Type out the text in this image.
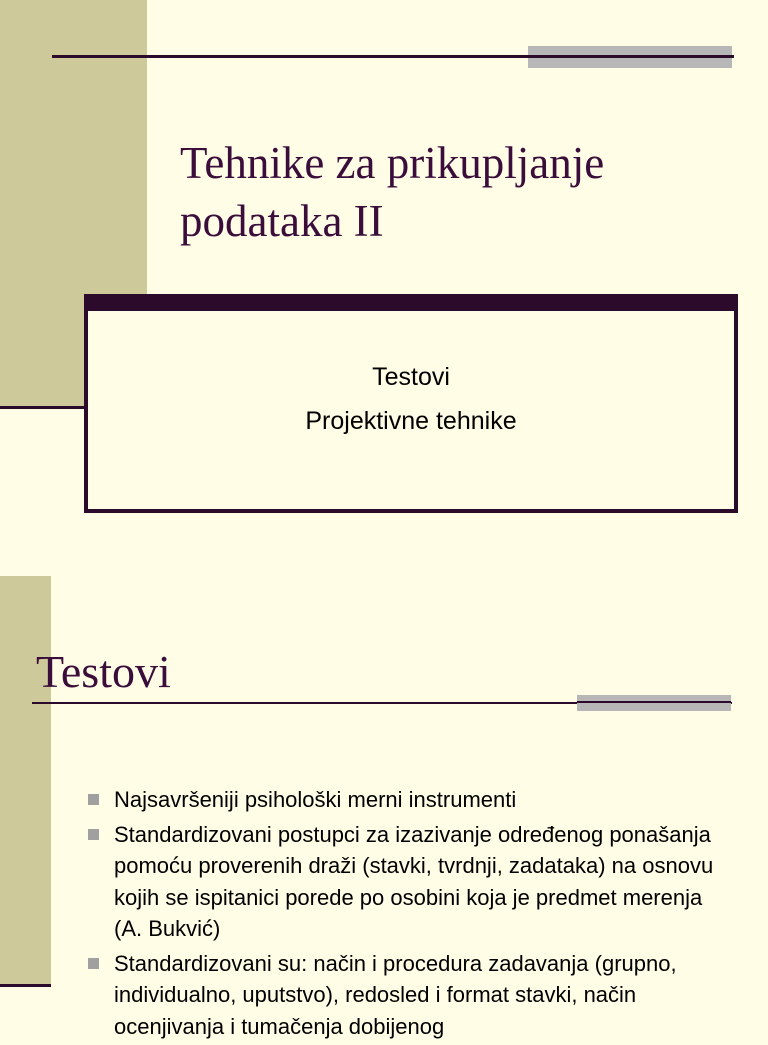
Tehnike za prikupljanje
podataka II
Testovi
Projektivne tehnike
Testovi
Najsavršeniji psihološki merni instrumenti
Standardizovani postupci za izazivanje određenog ponašanja pomoću proverenih draži (stavki, tvrdnji, zadataka) na osnovu kojih se ispitanici porede po osobini koja je predmet merenja (A. Bukvić)
Standardizovani su: način i procedura zadavanja (grupno, individualno, uputstvo), redosled i format stavki, način ocenjivanja i tumačenja dobijenog
